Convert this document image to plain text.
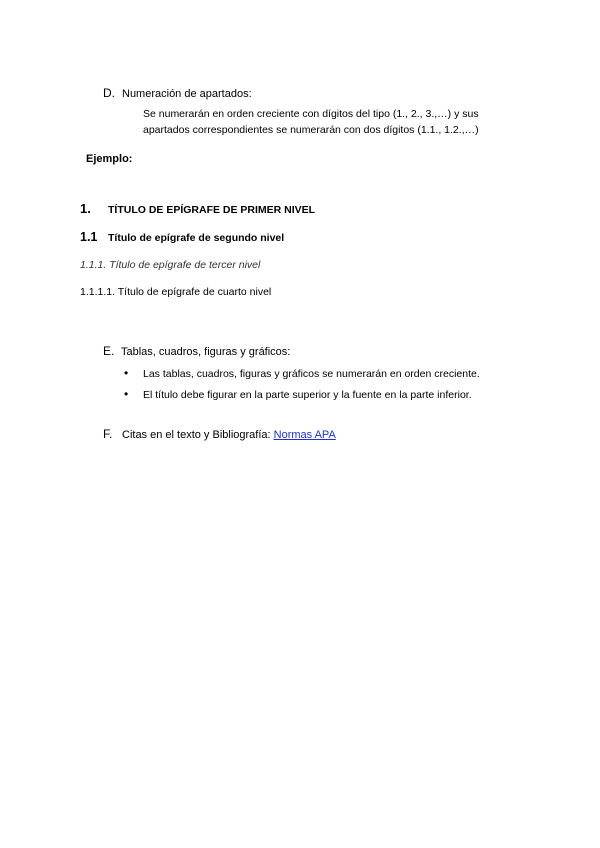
D. Numeración de apartados:
Se numerarán en orden creciente con dígitos del tipo (1., 2., 3.,…) y sus
apartados correspondientes se numerarán con dos dígitos (1.1., 1.2.,…)
Ejemplo:
1. TÍTULO DE EPÍGRAFE DE PRIMER NIVEL
1.1 Título de epígrafe de segundo nivel
1.1.1. Título de epígrafe de tercer nivel
1.1.1.1. Título de epígrafe de cuarto nivel
E. Tablas, cuadros, figuras y gráficos:
• Las tablas, cuadros, figuras y gráficos se numerarán en orden creciente.
• El título debe figurar en la parte superior y la fuente en la parte inferior.
F. Citas en el texto y Bibliografía: Normas APA
